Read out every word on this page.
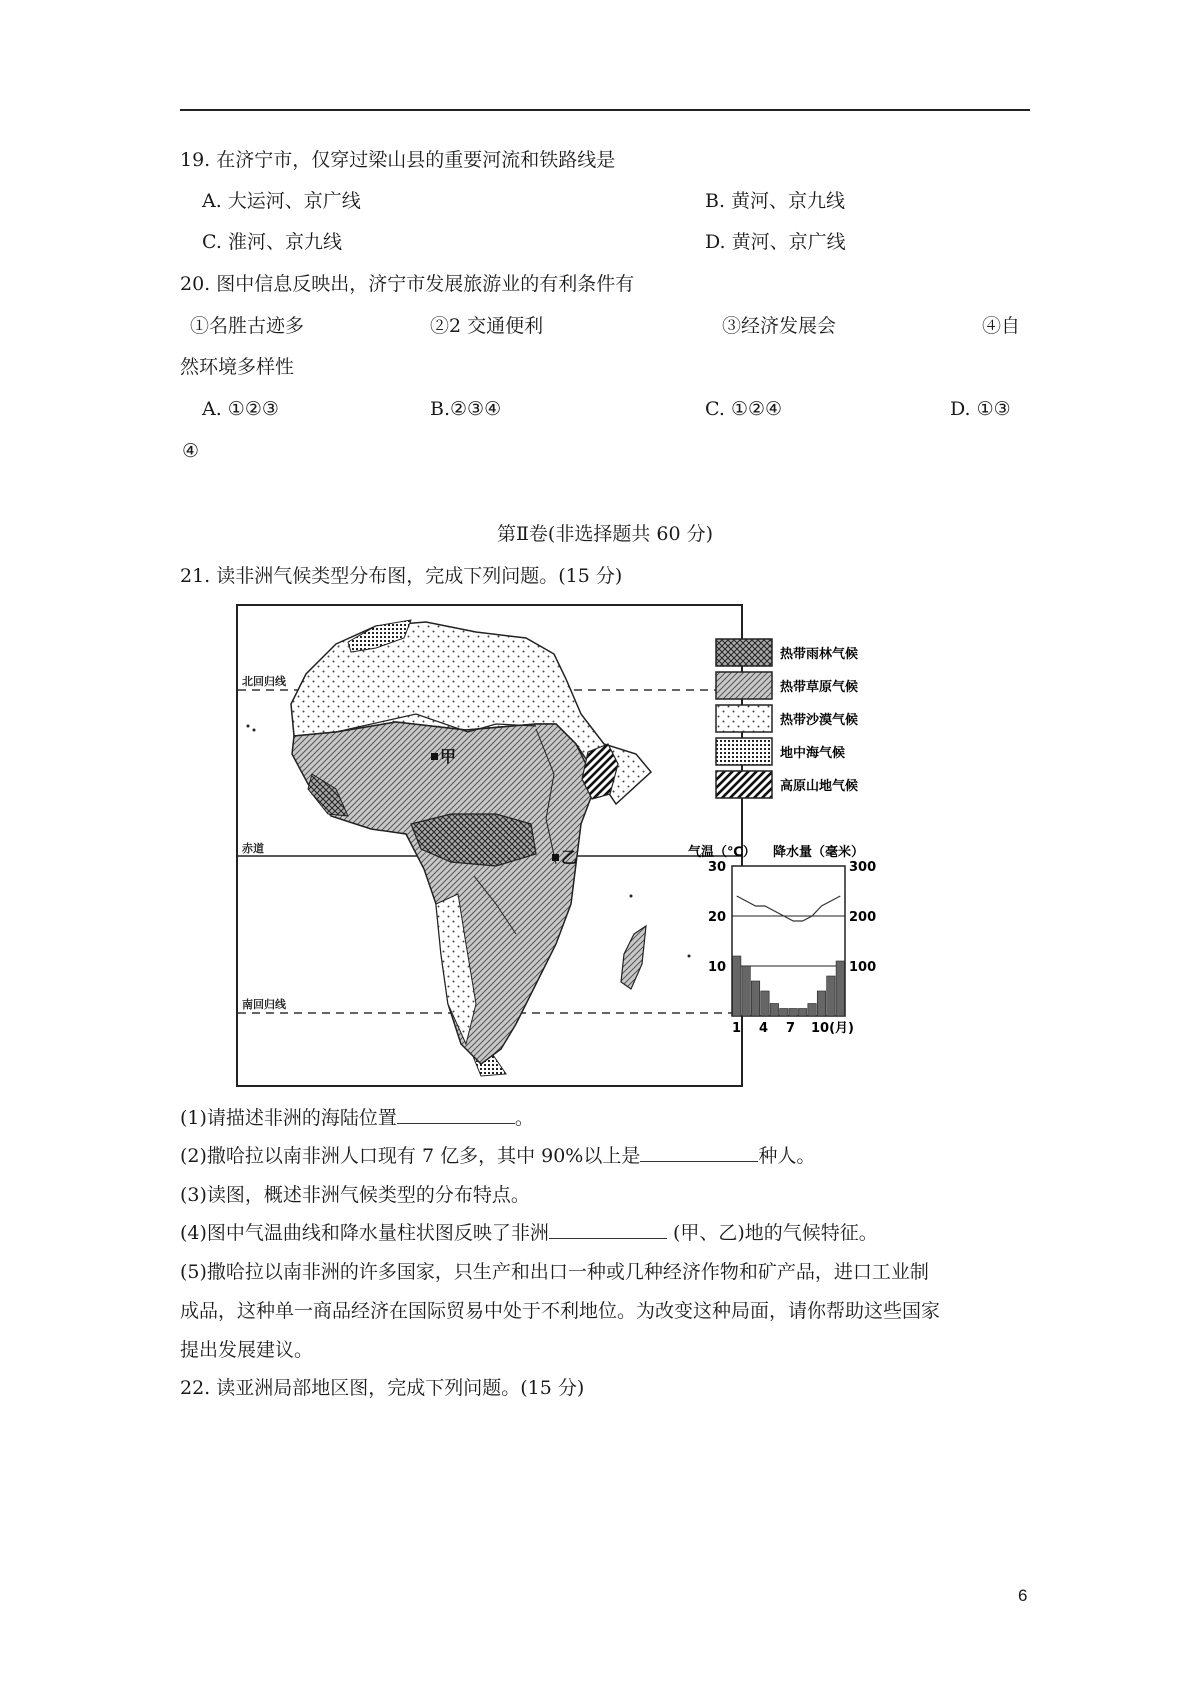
19. 在济宁市，仅穿过梁山县的重要河流和铁路线是
A. 大运河、京广线	B. 黄河、京九线
C. 淮河、京九线	D. 黄河、京广线
20. 图中信息反映出，济宁市发展旅游业的有利条件有
①名胜古迹多	②2 交通便利	③经济发展会	④自
然环境多样性
A. ①②③	B.②③④	C. ①②④	D. ①③
④
第Ⅱ卷(非选择题共 60 分)
21. 读非洲气候类型分布图，完成下列问题。(15 分)
北回归线
赤道
南回归线
甲
乙
热带雨林气候
热带草原气候
热带沙漠气候
地中海气候
高原山地气候
气温（℃） 降水量（毫米）
30
20
10
300
200
100
1 4 7 10(月)
(1)请描述非洲的海陆位置	。
(2)撒哈拉以南非洲人口现有 7 亿多，其中 90%以上是	种人。
(3)读图，概述非洲气候类型的分布特点。
(4)图中气温曲线和降水量柱状图反映了非洲	(甲、乙)地的气候特征。
(5)撒哈拉以南非洲的许多国家，只生产和出口一种或几种经济作物和矿产品，进口工业制
成品，这种单一商品经济在国际贸易中处于不利地位。为改变这种局面，请你帮助这些国家
提出发展建议。
22. 读亚洲局部地区图，完成下列问题。(15 分)
6
